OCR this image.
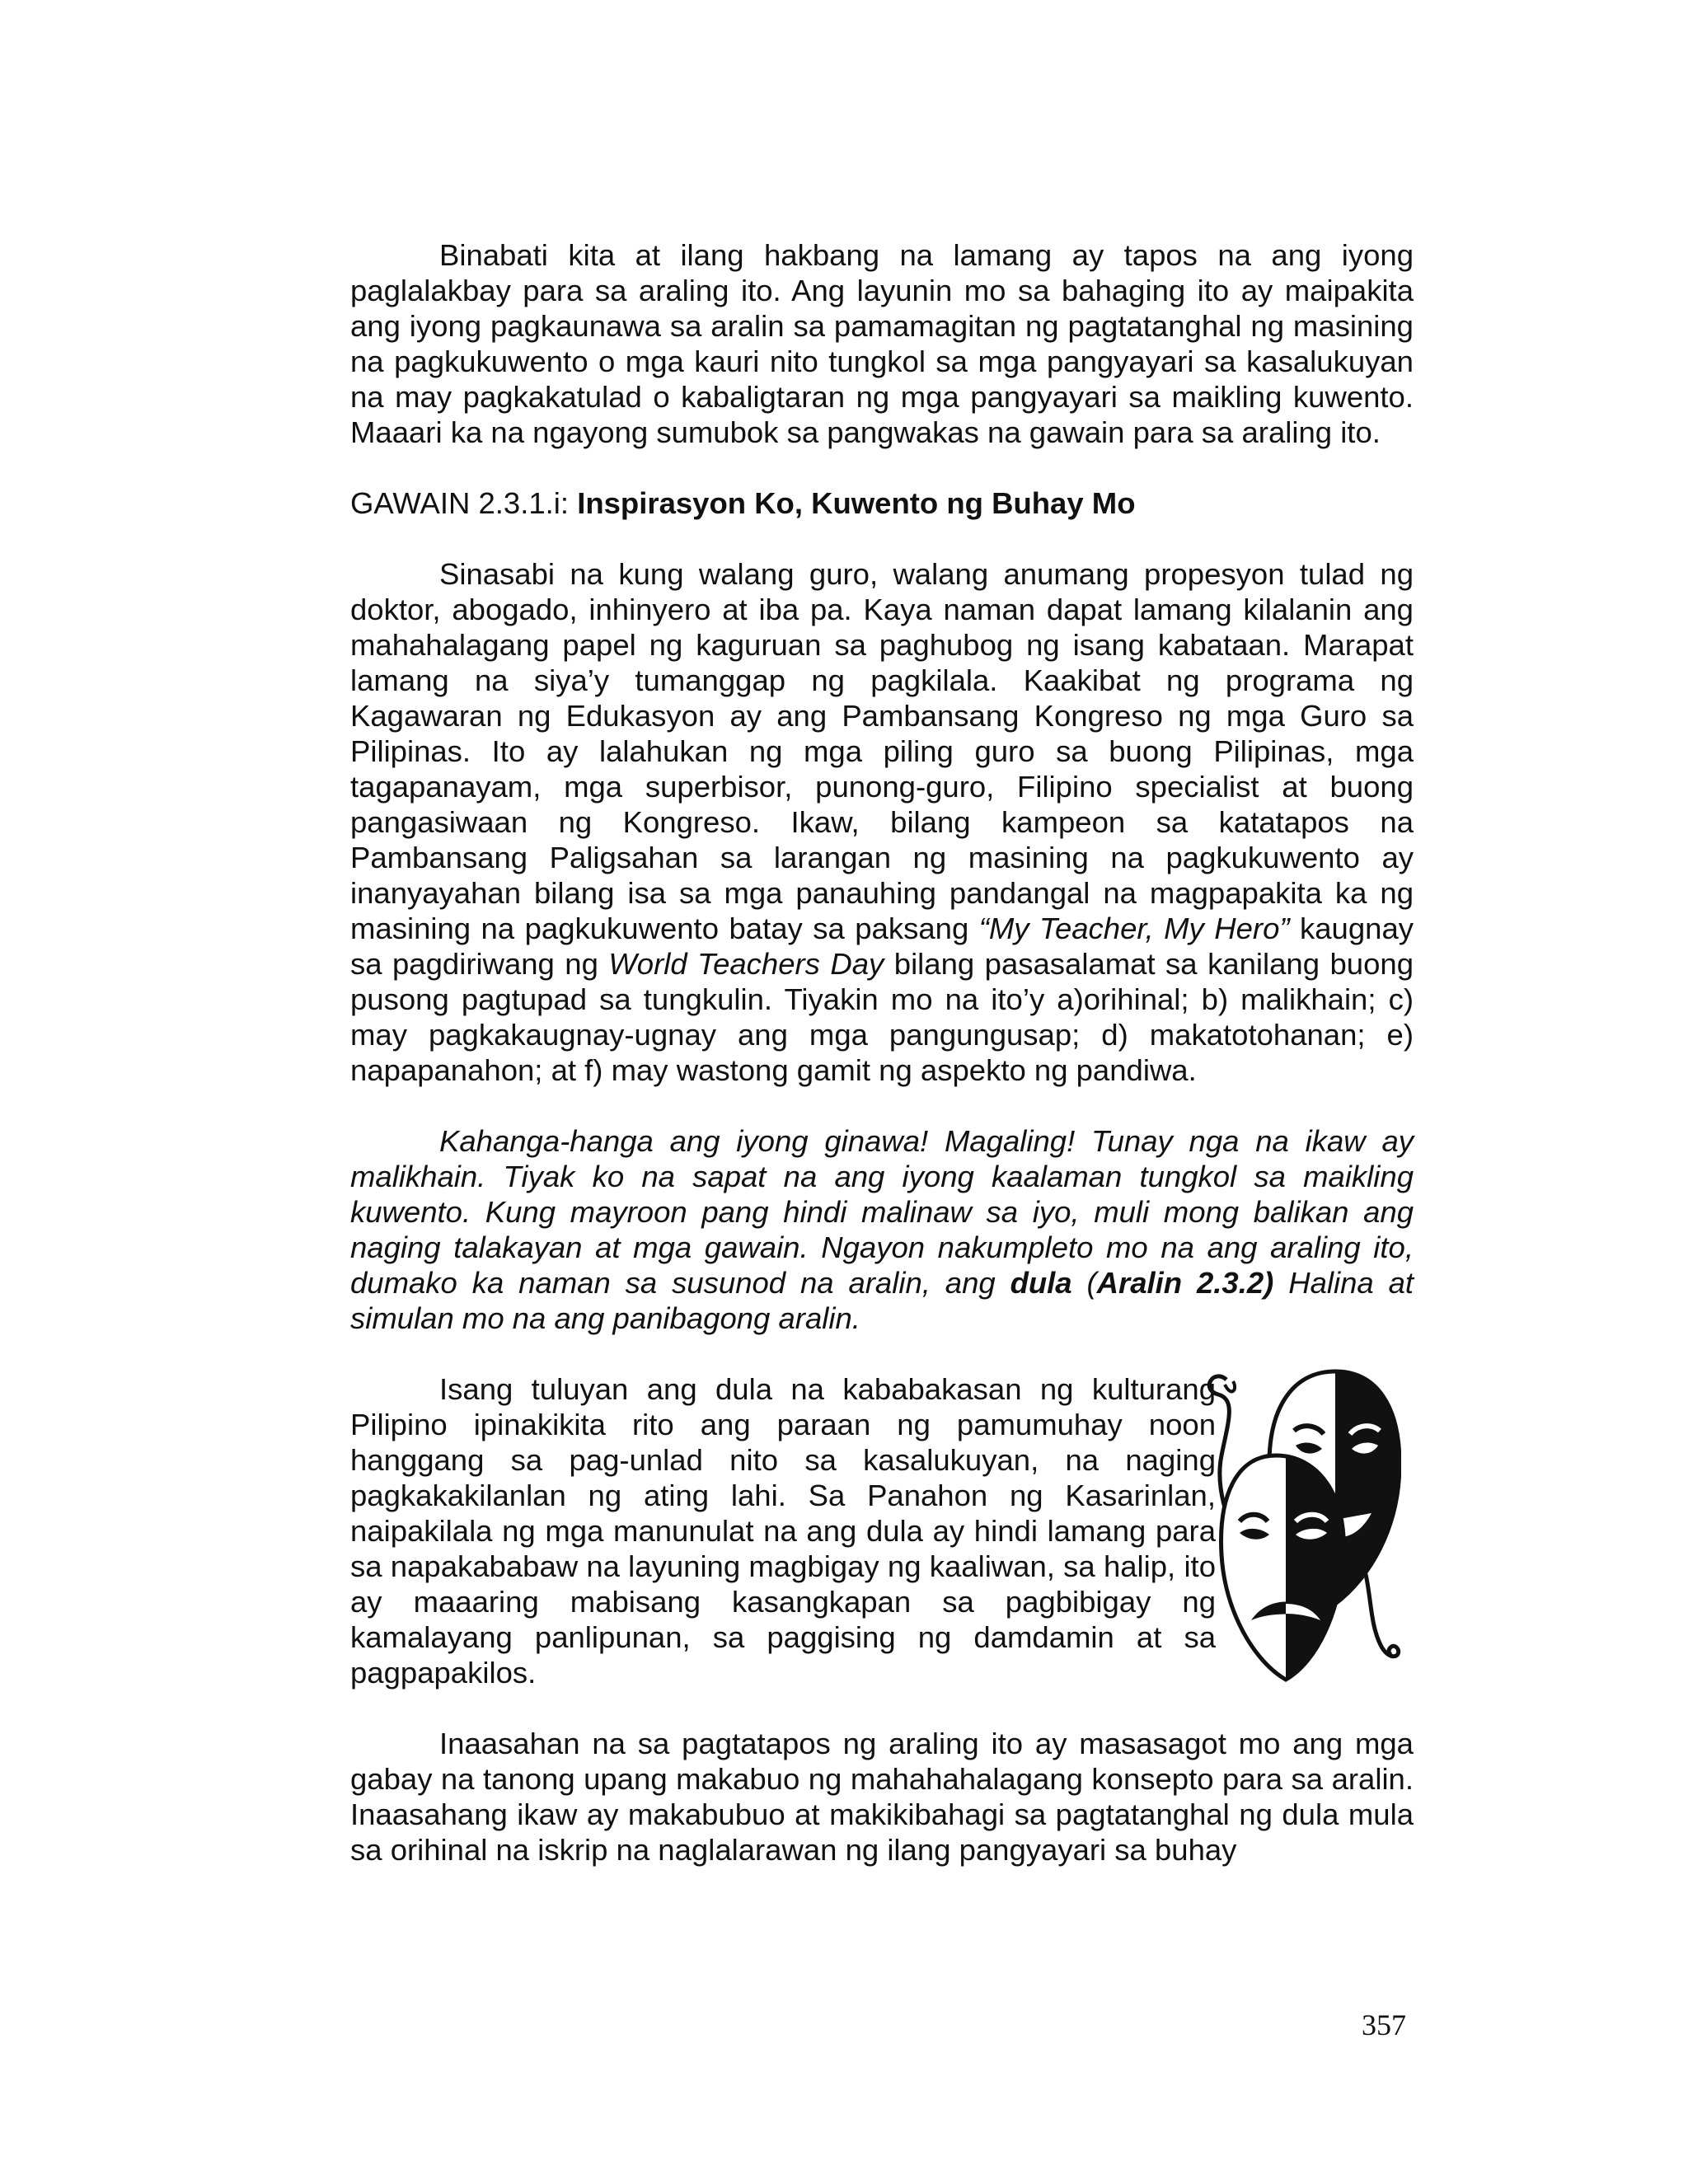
Binabati kita at ilang hakbang na lamang ay tapos na ang iyong paglalakbay para sa araling ito. Ang layunin mo sa bahaging ito ay maipakita ang iyong pagkaunawa sa aralin sa pamamagitan ng pagtatanghal ng masining na pagkukuwento o mga kauri nito tungkol sa mga pangyayari sa kasalukuyan na may pagkakatulad o kabaligtaran ng mga pangyayari sa maikling kuwento. Maaari ka na ngayong sumubok sa pangwakas na gawain para sa araling ito.

GAWAIN 2.3.1.i: Inspirasyon Ko, Kuwento ng Buhay Mo

Sinasabi na kung walang guro, walang anumang propesyon tulad ng doktor, abogado, inhinyero at iba pa. Kaya naman dapat lamang kilalanin ang mahahalagang papel ng kaguruan sa paghubog ng isang kabataan. Marapat lamang na siya’y tumanggap ng pagkilala. Kaakibat ng programa ng Kagawaran ng Edukasyon ay ang Pambansang Kongreso ng mga Guro sa Pilipinas. Ito ay lalahukan ng mga piling guro sa buong Pilipinas, mga tagapanayam, mga superbisor, punong-guro, Filipino specialist at buong pangasiwaan ng Kongreso. Ikaw, bilang kampeon sa katatapos na Pambansang Paligsahan sa larangan ng masining na pagkukuwento ay inanyayahan bilang isa sa mga panauhing pandangal na magpapakita ka ng masining na pagkukuwento batay sa paksang “My Teacher, My Hero” kaugnay sa pagdiriwang ng World Teachers Day bilang pasasalamat sa kanilang buong pusong pagtupad sa tungkulin. Tiyakin mo na ito’y a)orihinal; b) malikhain; c) may pagkakaugnay-ugnay ang mga pangungusap; d) makatotohanan; e) napapanahon; at f) may wastong gamit ng aspekto ng pandiwa.

Kahanga-hanga ang iyong ginawa! Magaling! Tunay nga na ikaw ay malikhain. Tiyak ko na sapat na ang iyong kaalaman tungkol sa maikling kuwento. Kung mayroon pang hindi malinaw sa iyo, muli mong balikan ang naging talakayan at mga gawain. Ngayon nakumpleto mo na ang araling ito, dumako ka naman sa susunod na aralin, ang dula (Aralin 2.3.2) Halina at simulan mo na ang panibagong aralin.

Isang tuluyan ang dula na kababakasan ng kulturang Pilipino ipinakikita rito ang paraan ng pamumuhay noon hanggang sa pag-unlad nito sa kasalukuyan, na naging pagkakakilanlan ng ating lahi. Sa Panahon ng Kasarinlan, naipakilala ng mga manunulat na ang dula ay hindi lamang para sa napakababaw na layuning magbigay ng kaaliwan, sa halip, ito ay maaaring mabisang kasangkapan sa pagbibigay ng kamalayang panlipunan, sa paggising ng damdamin at sa pagpapakilos.

Inaasahan na sa pagtatapos ng araling ito ay masasagot mo ang mga gabay na tanong upang makabuo ng mahahahalagang konsepto para sa aralin. Inaasahang ikaw ay makabubuo at makikibahagi sa pagtatanghal ng dula mula sa orihinal na iskrip na naglalarawan ng ilang pangyayari sa buhay

357
